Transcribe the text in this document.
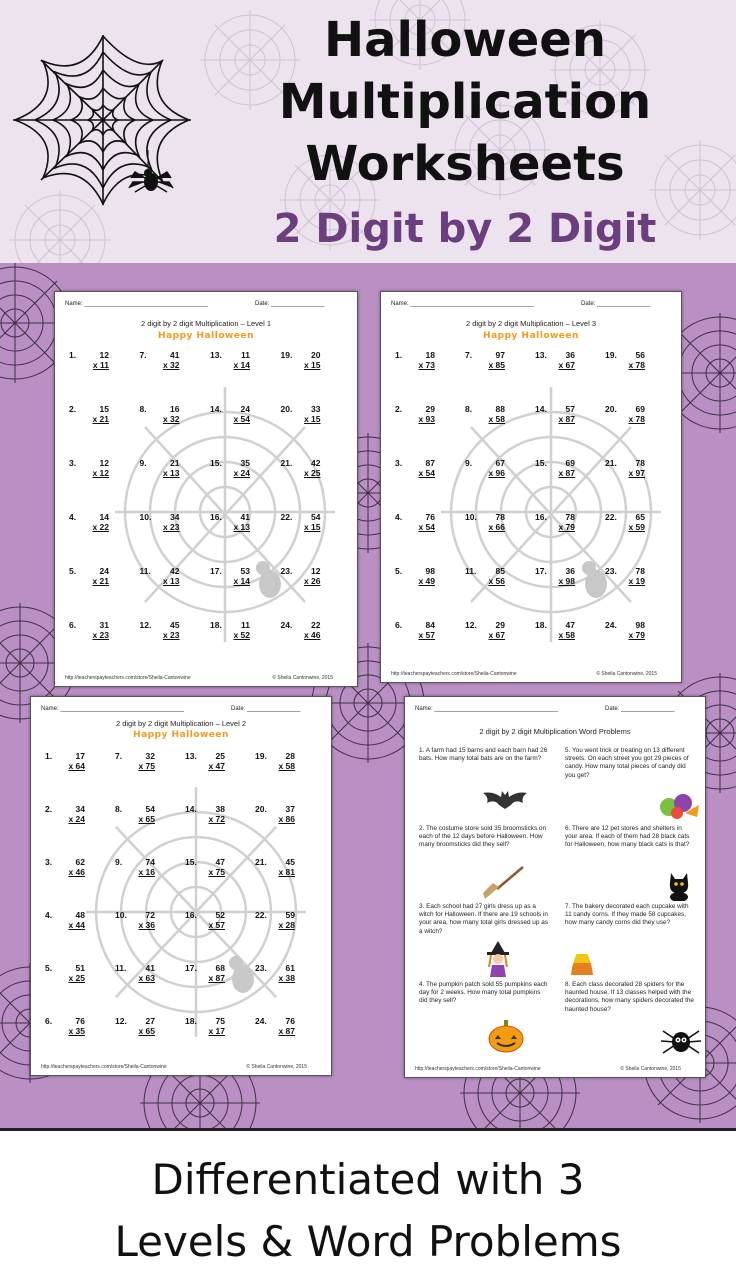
Halloween
Multiplication
Worksheets
2 Digit by 2 Digit
Name: _____________________________________	Date: ________________
2 digit by 2 digit Multiplication – Level 1
Happy Halloween
1.	12
x 11
7.	41
x 32
13.	11
x 14
19.	20
x 15
2.	15
x 21
8.	16
x 32
14.	24
x 54
20.	33
x 15
3.	12
x 12
9.	21
x 13
15.	35
x 24
21.	42
x 25
4.	14
x 22
10.	34
x 23
16.	41
x 13
22.	54
x 15
5.	24
x 21
11.	42
x 13
17.	53
x 14
23.	12
x 26
6.	31
x 23
12.	45
x 23
18.	11
x 52
24.	22
x 46
http://teacherspayteachers.com/store/Sheila-Cantonwine	© Sheila Cantonwine, 2015
Name: _____________________________________	Date: ________________
2 digit by 2 digit Multiplication – Level 3
Happy Halloween
1.	18
x 73
7.	97
x 85
13.	36
x 67
19.	56
x 78
2.	29
x 93
8.	88
x 58
14.	57
x 87
20.	69
x 78
3.	87
x 54
9.	67
x 96
15.	69
x 87
21.	78
x 97
4.	76
x 54
10.	78
x 66
16.	78
x 79
22.	65
x 59
5.	98
x 49
11.	85
x 56
17.	36
x 98
23.	78
x 19
6.	84
x 57
12.	29
x 67
18.	47
x 58
24.	98
x 79
http://teacherspayteachers.com/store/Sheila-Cantonwine	© Sheila Cantonwine, 2015
Name: _____________________________________	Date: ________________
2 digit by 2 digit Multiplication – Level 2
Happy Halloween
1.	17
x 64
7.	32
x 75
13.	25
x 47
19.	28
x 58
2.	34
x 24
8.	54
x 65
14.	38
x 72
20.	37
x 86
3.	62
x 46
9.	74
x 16
15.	47
x 75
21.	45
x 81
4.	48
x 44
10.	72
x 36
16.	52
x 57
22.	59
x 28
5.	51
x 25
11.	41
x 63
17.	68
x 87
23.	61
x 38
6.	76
x 35
12.	27
x 65
18.	75
x 17
24.	76
x 87
http://teacherspayteachers.com/store/Sheila-Cantonwine	© Sheila Cantonwine, 2015
Name: _____________________________________	Date: ________________
2 digit by 2 digit Multiplication Word Problems
1. A farm had 15 barns and each barn had 26 bats. How many total bats are on the farm?
5. You went trick or treating on 13 different streets. On each street you got 29 pieces of candy. How many total pieces of candy did you get?
2. The costume store sold 35 broomsticks on each of the 12 days before Halloween. How many broomsticks did they sell?
6. There are 12 pet stores and shelters in your area. If each of them had 28 black cats for Halloween, how many black cats is that?
3. Each school had 27 girls dress up as a witch for Halloween. If there are 19 schools in your area, how many total girls dressed up as a witch?
7. The bakery decorated each cupcake with 11 candy corns. If they made 58 cupcakes, how many candy corns did they use?
4. The pumpkin patch sold 55 pumpkins each day for 2 weeks. How many total pumpkins did they sell?
8. Each class decorated 28 spiders for the haunted house. If 13 classes helped with the decorations, how many spiders decorated the haunted house?
http://teacherspayteachers.com/store/Sheila-Cantonwine	© Sheila Cantonwine, 2015
Differentiated with 3
Levels & Word Problems
